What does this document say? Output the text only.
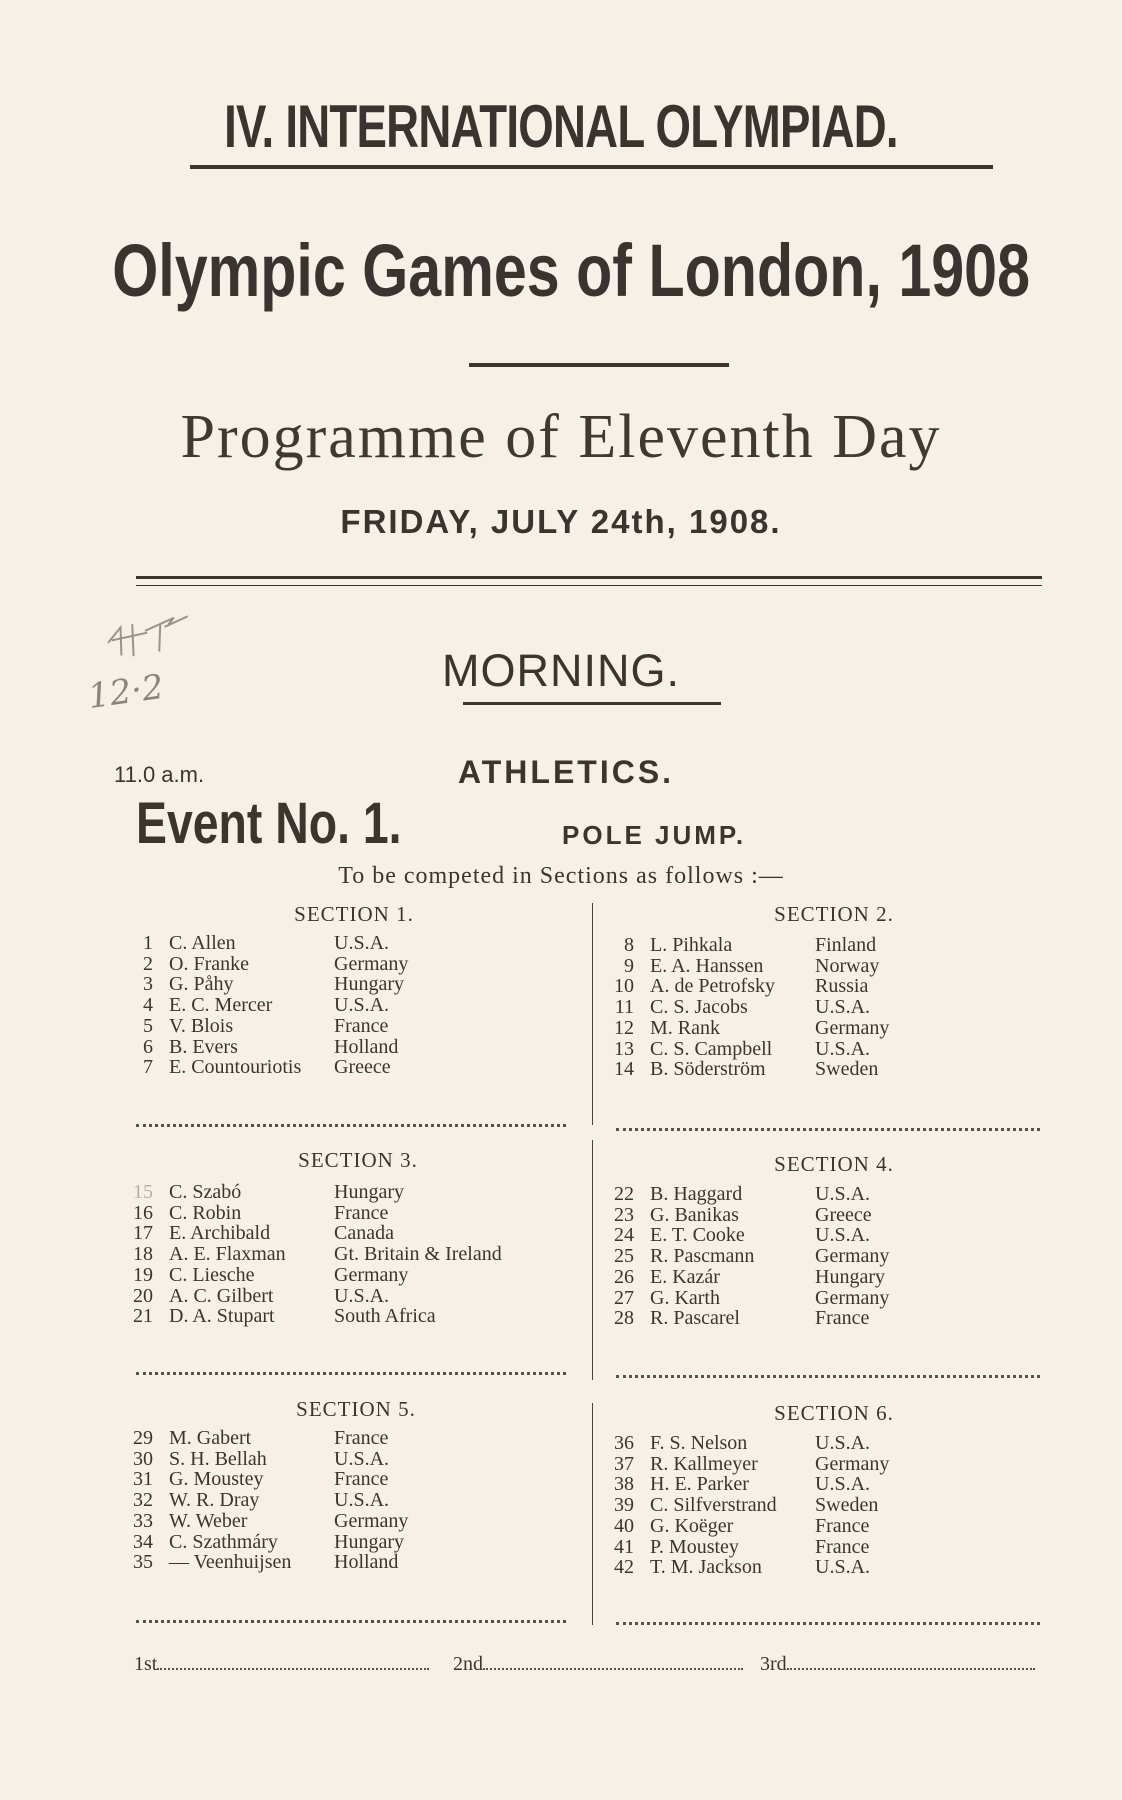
IV. INTERNATIONAL OLYMPIAD.
Olympic Games of London, 1908
Programme of Eleventh Day
FRIDAY, JULY 24th, 1908.
12·2	MORNING.
11.0 a.m.	ATHLETICS.
Event No. 1.	POLE JUMP.
To be competed in Sections as follows :—
SECTION 1.
1 C. Allen	U.S.A.
2 O. Franke	Germany
3 G. Påhy	Hungary
4 E. C. Mercer	U.S.A.
5 V. Blois	France
6 B. Evers	Holland
7 E. Countouriotis	Greece
SECTION 2.
8 L. Pihkala	Finland
9 E. A. Hanssen	Norway
10 A. de Petrofsky	Russia
11 C. S. Jacobs	U.S.A.
12 M. Rank	Germany
13 C. S. Campbell	U.S.A.
14 B. Söderström	Sweden
SECTION 3.
15 C. Szabó	Hungary
16 C. Robin	France
17 E. Archibald	Canada
18 A. E. Flaxman	Gt. Britain & Ireland
19 C. Liesche	Germany
20 A. C. Gilbert	U.S.A.
21 D. A. Stupart	South Africa
SECTION 4.
22 B. Haggard	U.S.A.
23 G. Banikas	Greece
24 E. T. Cooke	U.S.A.
25 R. Pascmann	Germany
26 E. Kazár	Hungary
27 G. Karth	Germany
28 R. Pascarel	France
SECTION 5.
29 M. Gabert	France
30 S. H. Bellah	U.S.A.
31 G. Moustey	France
32 W. R. Dray	U.S.A.
33 W. Weber	Germany
34 C. Szathmáry	Hungary
35 — Veenhuijsen	Holland
SECTION 6.
36 F. S. Nelson	U.S.A.
37 R. Kallmeyer	Germany
38 H. E. Parker	U.S.A.
39 C. Silfverstrand	Sweden
40 G. Koëger	France
41 P. Moustey	France
42 T. M. Jackson	U.S.A.
1st	2nd	3rd
